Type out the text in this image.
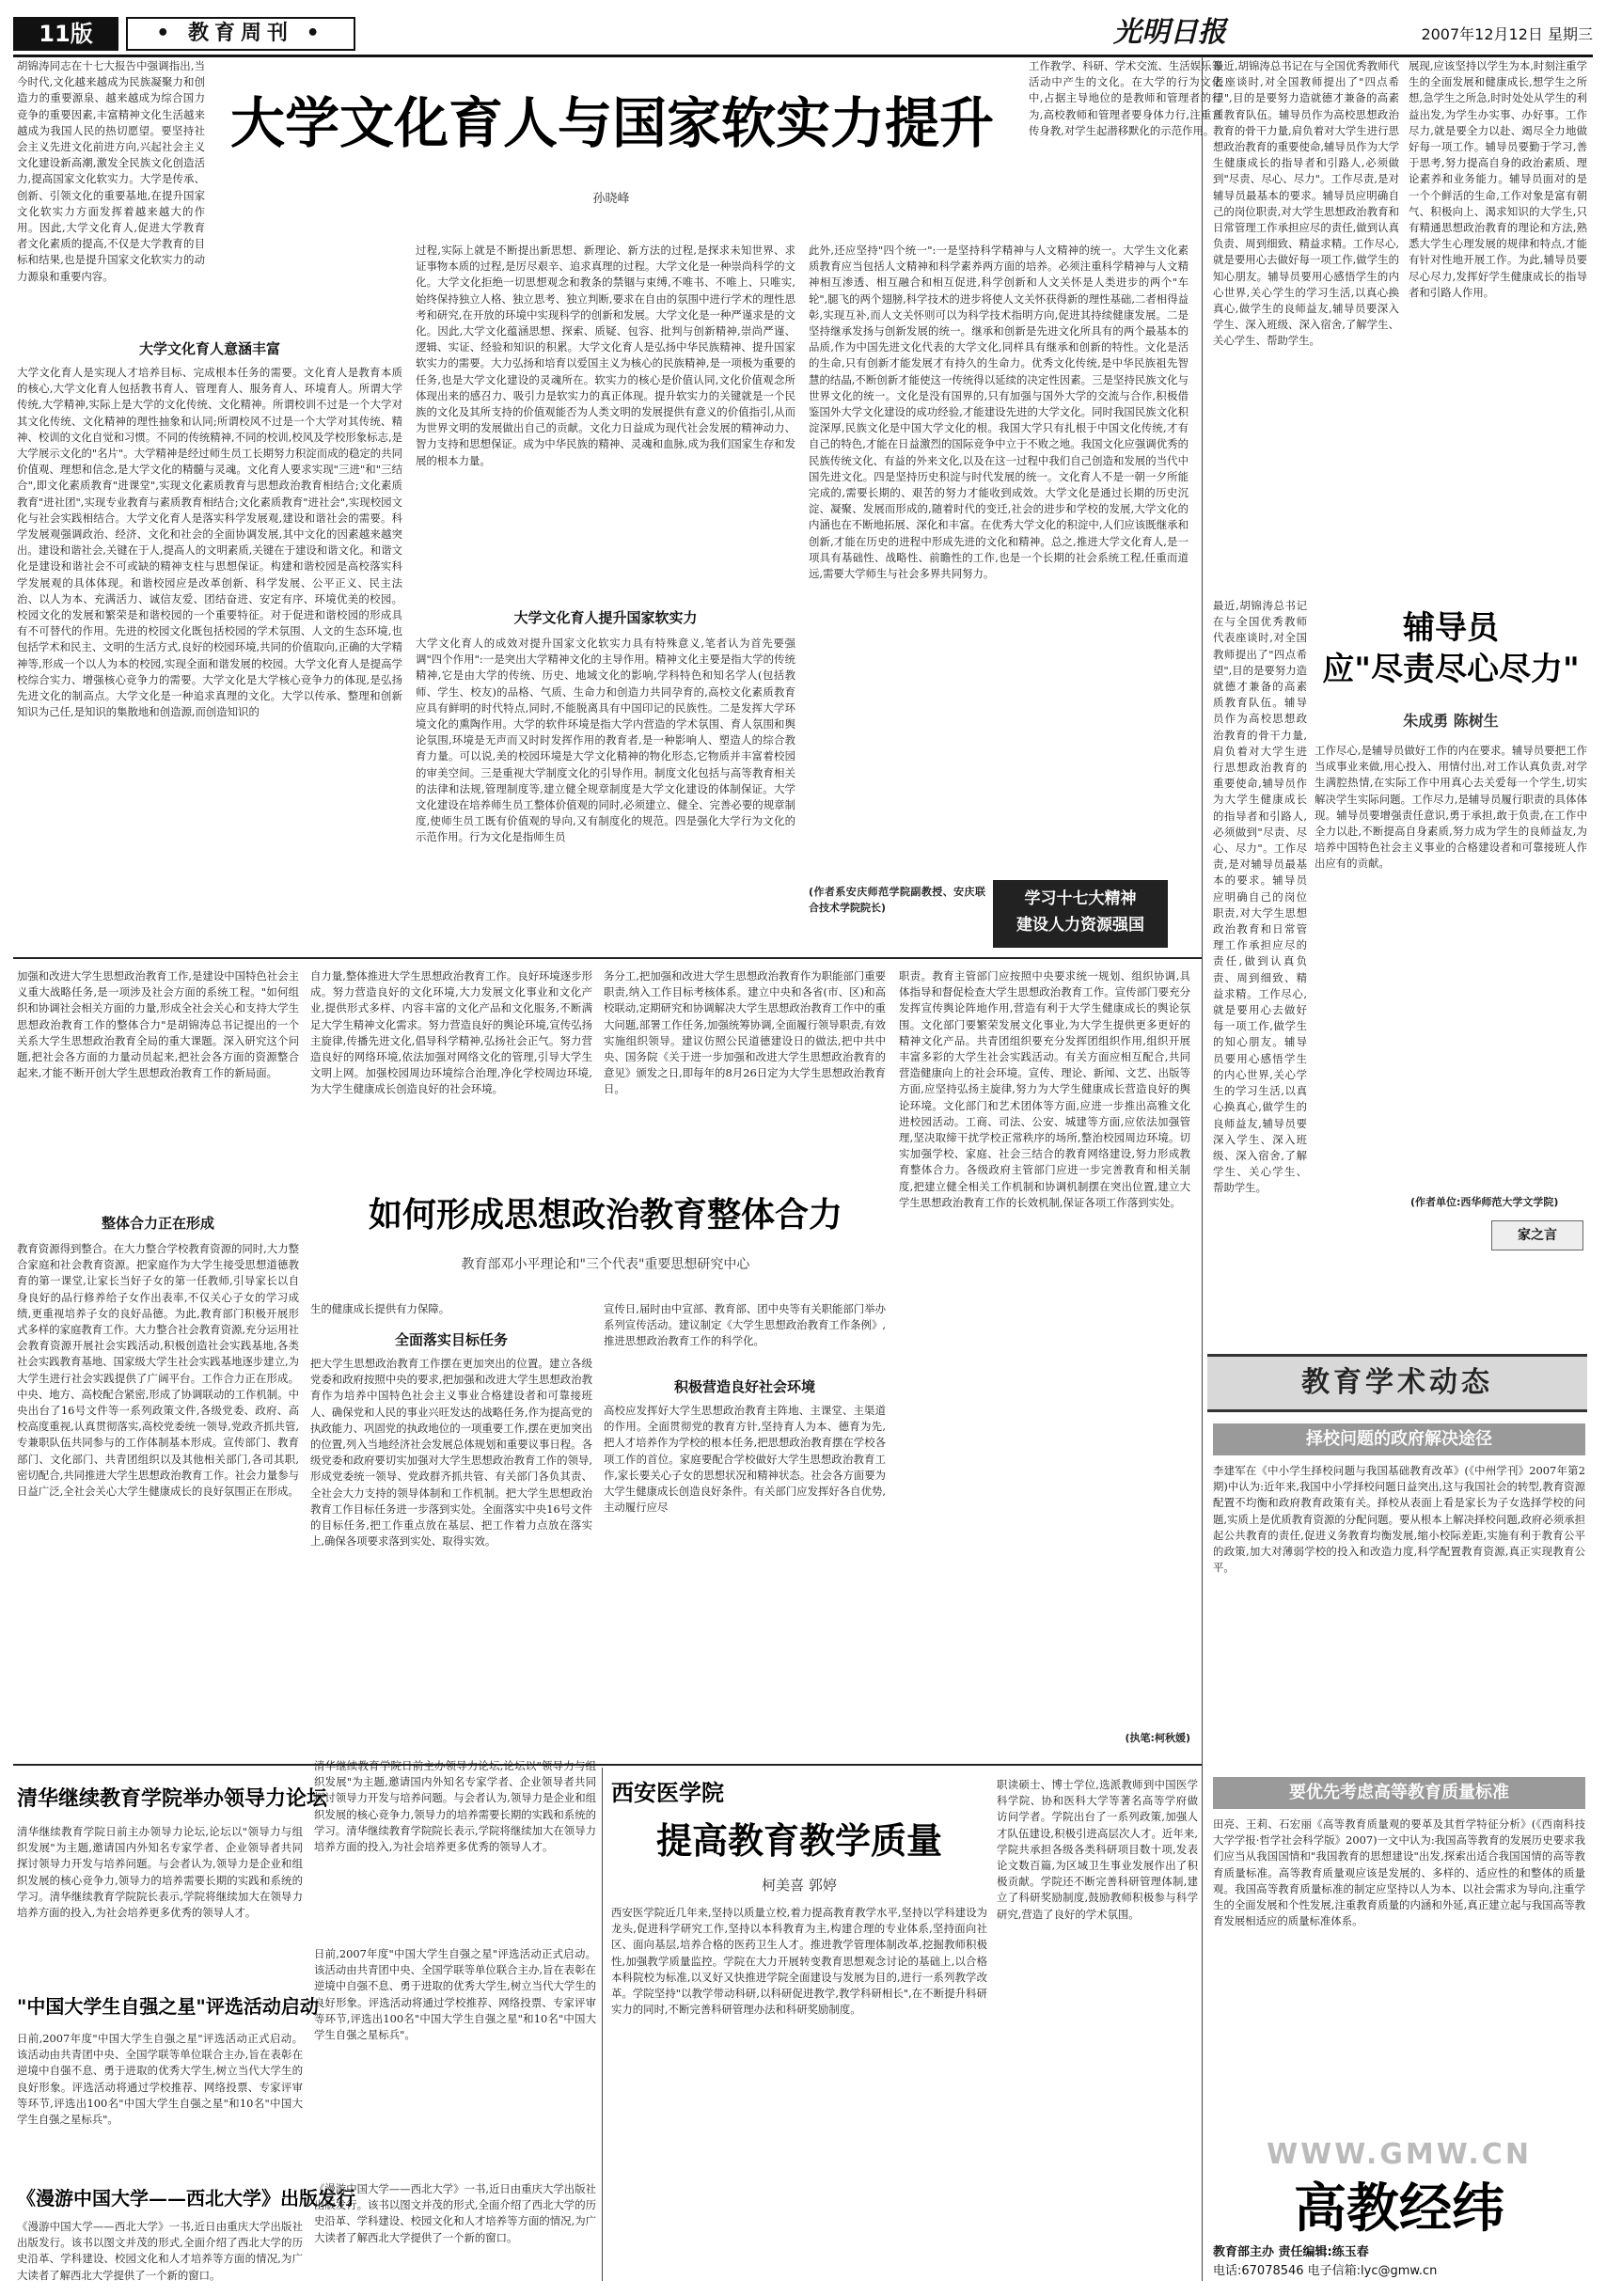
11版	• 教育周刊 •	光明日报	2007年12月12日 星期三

胡锦涛同志在十七大报告中强调指出,当今时代,文化越来越成为民族凝聚力和创造力的重要源泉、越来越成为综合国力竞争的重要因素,丰富精神文化生活越来越成为我国人民的热切愿望。要坚持社会主义先进文化前进方向,兴起社会主义文化建设新高潮,激发全民族文化创造活力,提高国家文化软实力。大学是传承、创新、引领文化的重要基地,在提升国家文化软实力方面发挥着越来越大的作用。因此,大学文化育人,促进大学教育者文化素质的提高,不仅是大学教育的目标和结果,也是提升国家文化软实力的动力源泉和重要内容。

大学文化育人与国家软实力提升
孙晓峰

工作教学、科研、学术交流、生活娱乐等活动中产生的文化。在大学的行为文化中,占据主导地位的是教师和管理者的行为,高校教师和管理者要身体力行,注重言传身教,对学生起潜移默化的示范作用。

大学文化育人意涵丰富

大学文化育人是实现人才培养目标、完成根本任务的需要。文化育人是教育本质的核心,大学文化育人包括教书育人、管理育人、服务育人、环境育人。所谓大学传统,大学精神,实际上是大学的文化传统、文化精神。所谓校训不过是一个大学对其文化传统、文化精神的理性抽象和认同;所谓校风不过是一个大学对其传统、精神、校训的文化自觉和习惯。不同的传统精神,不同的校训,校风及学校形象标志,是大学展示文化的"名片"。大学精神是经过师生员工长期努力积淀而成的稳定的共同价值观、理想和信念,是大学文化的精髓与灵魂。文化育人要求实现"三进"和"三结合",即文化素质教育"进课堂",实现文化素质教育与思想政治教育相结合;文化素质教育"进社团",实现专业教育与素质教育相结合;文化素质教育"进社会",实现校园文化与社会实践相结合。大学文化育人是落实科学发展观,建设和谐社会的需要。科学发展观强调政治、经济、文化和社会的全面协调发展,其中文化的因素越来越突出。建设和谐社会,关键在于人,提高人的文明素质,关键在于建设和谐文化。和谐文化是建设和谐社会不可或缺的精神支柱与思想保证。构建和谐校园是高校落实科学发展观的具体体现。和谐校园应是改革创新、科学发展、公平正义、民主法治、以人为本、充满活力、诚信友爱、团结奋进、安定有序、环境优美的校园。校园文化的发展和繁荣是和谐校园的一个重要特征。对于促进和谐校园的形成具有不可替代的作用。先进的校园文化既包括校园的学术氛围、人文的生态环境,也包括学术和民主、文明的生活方式,良好的校园环境,共同的价值取向,正确的大学精神等,形成一个以人为本的校园,实现全面和谐发展的校园。大学文化育人是提高学校综合实力、增强核心竞争力的需要。大学文化是大学核心竞争力的体现,是弘扬先进文化的制高点。大学文化是一种追求真理的文化。大学以传承、整理和创新知识为己任,是知识的集散地和创造源,而创造知识的

过程,实际上就是不断提出新思想、新理论、新方法的过程,是探求未知世界、求证事物本质的过程,是厉尽艰辛、追求真理的过程。大学文化是一种崇尚科学的文化。大学文化拒绝一切思想观念和教条的禁锢与束缚,不唯书、不唯上、只唯实,始终保持独立人格、独立思考、独立判断,要求在自由的氛围中进行学术的理性思考和研究,在开放的环境中实现科学的创新和发展。大学文化是一种严谨求是的文化。因此,大学文化蕴涵思想、探索、质疑、包容、批判与创新精神,崇尚严谨、逻辑、实证、经验和知识的积累。大学文化育人是弘扬中华民族精神、提升国家软实力的需要。大力弘扬和培育以爱国主义为核心的民族精神,是一项极为重要的任务,也是大学文化建设的灵魂所在。软实力的核心是价值认同,文化价值观念所体现出来的感召力、吸引力是软实力的真正体现。提升软实力的关键就是一个民族的文化及其所支持的价值观能否为人类文明的发展提供有意义的价值指引,从而为世界文明的发展做出自己的贡献。文化力日益成为现代社会发展的精神动力、智力支持和思想保证。成为中华民族的精神、灵魂和血脉,成为我们国家生存和发展的根本力量。

大学文化育人提升国家软实力

大学文化育人的成效对提升国家文化软实力具有特殊意义,笔者认为首先要强调"四个作用":一是突出大学精神文化的主导作用。精神文化主要是指大学的传统精神,它是由大学的传统、历史、地域文化的影响,学科特色和知名学人(包括教师、学生、校友)的品格、气质、生命力和创造力共同孕育的,高校文化素质教育应具有鲜明的时代特点,同时,不能脱离具有中国印记的民族性。二是发挥大学环境文化的熏陶作用。大学的软件环境是指大学内营造的学术氛围、育人氛围和舆论氛围,环境是无声而又时时发挥作用的教育者,是一种影响人、塑造人的综合教育力量。可以说,美的校园环境是大学文化精神的物化形态,它物质并丰富着校园的审美空间。三是重视大学制度文化的引导作用。制度文化包括与高等教育相关的法律和法规,管理制度等,建立健全规章制度是大学文化建设的体制保证。大学文化建设在培养师生员工整体价值观的同时,必须建立、健全、完善必要的规章制度,使师生员工既有价值观的导向,又有制度化的规范。四是强化大学行为文化的示范作用。行为文化是指师生员

此外,还应坚持"四个统一":一是坚持科学精神与人文精神的统一。大学生文化素质教育应当包括人文精神和科学素养两方面的培养。必须注重科学精神与人文精神相互渗透、相互融合和相互促进,科学创新和人文关怀是人类进步的两个"车轮",腿飞的两个翅膀,科学技术的进步将使人文关怀获得新的理性基础,二者相得益彰,实现互补,而人文关怀则可以为科学技术指明方向,促进其持续健康发展。二是坚持继承发扬与创新发展的统一。继承和创新是先进文化所具有的两个最基本的品质,作为中国先进文化代表的大学文化,同样具有继承和创新的特性。文化是活的生命,只有创新才能发展才有持久的生命力。优秀文化传统,是中华民族祖先智慧的结晶,不断创新才能使这一传统得以延续的决定性因素。三是坚持民族文化与世界文化的统一。文化是没有国界的,只有加强与国外大学的交流与合作,积极借鉴国外大学文化建设的成功经验,才能建设先进的大学文化。同时我国民族文化积淀深厚,民族文化是中国大学文化的根。我国大学只有扎根于中国文化传统,才有自己的特色,才能在日益激烈的国际竞争中立于不败之地。我国文化应强调优秀的民族传统文化、有益的外来文化,以及在这一过程中我们自己创造和发展的当代中国先进文化。四是坚持历史积淀与时代发展的统一。文化育人不是一朝一夕所能完成的,需要长期的、艰苦的努力才能收到成效。大学文化是通过长期的历史沉淀、凝聚、发展而形成的,随着时代的变迁,社会的进步和学校的发展,大学文化的内涵也在不断地拓展、深化和丰富。在优秀大学文化的积淀中,人们应该既继承和创新,才能在历史的进程中形成先进的文化和精神。总之,推进大学文化育人,是一项具有基础性、战略性、前瞻性的工作,也是一个长期的社会系统工程,任重而道远,需要大学师生与社会多界共同努力。

(作者系安庆师范学院副教授、安庆联合技术学院院长)	学习十七大精神
建设人力资源强国

最近,胡锦涛总书记在与全国优秀教师代表座谈时,对全国教师提出了"四点希望",目的是要努力造就德才兼备的高素质教育队伍。辅导员作为高校思想政治教育的骨干力量,肩负着对大学生进行思想政治教育的重要使命,辅导员作为大学生健康成长的指导者和引路人,必须做到"尽责、尽心、尽力"。工作尽责,是对辅导员最基本的要求。辅导员应明确自己的岗位职责,对大学生思想政治教育和日常管理工作承担应尽的责任,做到认真负责、周到细致、精益求精。工作尽心,就是要用心去做好每一项工作,做学生的知心朋友。辅导员要用心感悟学生的内心世界,关心学生的学习生活,以真心换真心,做学生的良师益友,辅导员要深入学生、深入班级、深入宿舍,了解学生、关心学生、帮助学生。

展现,应该坚持以学生为本,时刻注重学生的全面发展和健康成长,想学生之所想,急学生之所急,时时处处从学生的利益出发,为学生办实事、办好事。工作尽力,就是要全力以赴、竭尽全力地做好每一项工作。辅导员要勤于学习,善于思考,努力提高自身的政治素质、理论素养和业务能力。辅导员面对的是一个个鲜活的生命,工作对象是富有朝气、积极向上、渴求知识的大学生,只有精通思想政治教育的理论和方法,熟悉大学生心理发展的规律和特点,才能有针对性地开展工作。为此,辅导员要尽心尽力,发挥好学生健康成长的指导者和引路人作用。

辅导员
应"尽责尽心尽力"
朱成勇 陈树生

最近,胡锦涛总书记在与全国优秀教师代表座谈时,对全国教师提出了"四点希望",目的是要努力造就德才兼备的高素质教育队伍。辅导员作为高校思想政治教育的骨干力量,肩负着对大学生进行思想政治教育的重要使命,辅导员作为大学生健康成长的指导者和引路人,必须做到"尽责、尽心、尽力"。工作尽责,是对辅导员最基本的要求。辅导员应明确自己的岗位职责,对大学生思想政治教育和日常管理工作承担应尽的责任,做到认真负责、周到细致、精益求精。工作尽心,就是要用心去做好每一项工作,做学生的知心朋友。辅导员要用心感悟学生的内心世界,关心学生的学习生活,以真心换真心,做学生的良师益友,辅导员要深入学生、深入班级、深入宿舍,了解学生、关心学生、帮助学生。

工作尽心,是辅导员做好工作的内在要求。辅导员要把工作当成事业来做,用心投入、用情付出,对工作认真负责,对学生满腔热情,在实际工作中用真心去关爱每一个学生,切实解决学生实际问题。工作尽力,是辅导员履行职责的具体体现。辅导员要增强责任意识,勇于承担,敢于负责,在工作中全力以赴,不断提高自身素质,努力成为学生的良师益友,为培养中国特色社会主义事业的合格建设者和可靠接班人作出应有的贡献。

(作者单位:西华师范大学文学院)

家之言

加强和改进大学生思想政治教育工作,是建设中国特色社会主义重大战略任务,是一项涉及社会方面的系统工程。"如何组织和协调社会相关方面的力量,形成全社会关心和支持大学生思想政治教育工作的整体合力"是胡锦涛总书记提出的一个关系大学生思想政治教育全局的重大课题。深入研究这个问题,把社会各方面的力量动员起来,把社会各方面的资源整合起来,才能不断开创大学生思想政治教育工作的新局面。

整体合力正在形成

教育资源得到整合。在大力整合学校教育资源的同时,大力整合家庭和社会教育资源。把家庭作为大学生接受思想道德教育的第一课堂,让家长当好子女的第一任教师,引导家长以自身良好的品行修养给子女作出表率,不仅关心子女的学习成绩,更重视培养子女的良好品德。为此,教育部门积极开展形式多样的家庭教育工作。大力整合社会教育资源,充分运用社会教育资源开展社会实践活动,积极创造社会实践基地,各类社会实践教育基地、国家级大学生社会实践基地逐步建立,为大学生进行社会实践提供了广阔平台。工作合力正在形成。中央、地方、高校配合紧密,形成了协调联动的工作机制。中央出台了16号文件等一系列政策文件,各级党委、政府、高校高度重视,认真贯彻落实,高校党委统一领导,党政齐抓共管,专兼职队伍共同参与的工作体制基本形成。宣传部门、教育部门、文化部门、共青团组织以及其他相关部门,各司其职,密切配合,共同推进大学生思想政治教育工作。社会力量参与日益广泛,全社会关心大学生健康成长的良好氛围正在形成。

自力量,整体推进大学生思想政治教育工作。良好环境逐步形成。努力营造良好的文化环境,大力发展文化事业和文化产业,提供形式多样、内容丰富的文化产品和文化服务,不断满足大学生精神文化需求。努力营造良好的舆论环境,宣传弘扬主旋律,传播先进文化,倡导科学精神,弘扬社会正气。努力营造良好的网络环境,依法加强对网络文化的管理,引导大学生文明上网。加强校园周边环境综合治理,净化学校周边环境,为大学生健康成长创造良好的社会环境。

如何形成思想政治教育整体合力
教育部邓小平理论和"三个代表"重要思想研究中心

生的健康成长提供有力保障。

全面落实目标任务

把大学生思想政治教育工作摆在更加突出的位置。建立各级党委和政府按照中央的要求,把加强和改进大学生思想政治教育作为培养中国特色社会主义事业合格建设者和可靠接班人、确保党和人民的事业兴旺发达的战略任务,作为提高党的执政能力、巩固党的执政地位的一项重要工作,摆在更加突出的位置,列入当地经济社会发展总体规划和重要议事日程。各级党委和政府要切实加强对大学生思想政治教育工作的领导,形成党委统一领导、党政群齐抓共管、有关部门各负其责、全社会大力支持的领导体制和工作机制。把大学生思想政治教育工作目标任务进一步落到实处。全面落实中央16号文件的目标任务,把工作重点放在基层、把工作着力点放在落实上,确保各项要求落到实处、取得实效。

务分工,把加强和改进大学生思想政治教育作为职能部门重要职责,纳入工作目标考核体系。建立中央和各省(市、区)和高校联动,定期研究和协调解决大学生思想政治教育工作中的重大问题,部署工作任务,加强统筹协调,全面履行领导职责,有效实施组织领导。建议仿照公民道德建设日的做法,把中共中央、国务院《关于进一步加强和改进大学生思想政治教育的意见》颁发之日,即每年的8月26日定为大学生思想政治教育日。

宣传日,届时由中宣部、教育部、团中央等有关职能部门举办系列宣传活动。建议制定《大学生思想政治教育工作条例》,推进思想政治教育工作的科学化。

积极营造良好社会环境

高校应发挥好大学生思想政治教育主阵地、主课堂、主渠道的作用。全面贯彻党的教育方针,坚持育人为本、德育为先,把人才培养作为学校的根本任务,把思想政治教育摆在学校各项工作的首位。家庭要配合学校做好大学生思想政治教育工作,家长要关心子女的思想状况和精神状态。社会各方面要为大学生健康成长创造良好条件。有关部门应发挥好各自优势,主动履行应尽

职责。教育主管部门应按照中央要求统一规划、组织协调,具体指导和督促检查大学生思想政治教育工作。宣传部门要充分发挥宣传舆论阵地作用,营造有利于大学生健康成长的舆论氛围。文化部门要繁荣发展文化事业,为大学生提供更多更好的精神文化产品。共青团组织要充分发挥团组织作用,组织开展丰富多彩的大学生社会实践活动。有关方面应相互配合,共同营造健康向上的社会环境。宣传、理论、新闻、文艺、出版等方面,应坚持弘扬主旋律,努力为大学生健康成长营造良好的舆论环境。文化部门和艺术团体等方面,应进一步推出高雅文化进校园活动。工商、司法、公安、城建等方面,应依法加强管理,坚决取缔干扰学校正常秩序的场所,整治校园周边环境。切实加强学校、家庭、社会三结合的教育网络建设,努力形成教育整体合力。各级政府主管部门应进一步完善教育和相关制度,把建立健全相关工作机制和协调机制摆在突出位置,建立大学生思想政治教育工作的长效机制,保证各项工作落到实处。

(执笔:柯秋媛)
教育学术动态
择校问题的政府解决途径

李建军在《中小学生择校问题与我国基础教育改革》(《中州学刊》2007年第2期)中认为:近年来,我国中小学择校问题日益突出,这与我国社会的转型,教育资源配置不均衡和政府教育政策有关。择校从表面上看是家长为子女选择学校的问题,实质上是优质教育资源的分配问题。要从根本上解决择校问题,政府必须承担起公共教育的责任,促进义务教育均衡发展,缩小校际差距,实施有利于教育公平的政策,加大对薄弱学校的投入和改造力度,科学配置教育资源,真正实现教育公平。

要优先考虑高等教育质量标准

田亮、王莉、石宏丽《高等教育质量观的要革及其哲学特征分析》(《西南科技大学学报·哲学社会科学版》2007)一文中认为:我国高等教育的发展历史要求我们应当从我国国情和"我国教育的思想建设"出发,探索出适合我国国情的高等教育质量标准。高等教育质量观应该是发展的、多样的、适应性的和整体的质量观。我国高等教育质量标准的制定应坚持以人为本、以社会需求为导向,注重学生的全面发展和个性发展,注重教育质量的内涵和外延,真正建立起与我国高等教育发展相适应的质量标准体系。

清华继续教育学院举办领导力论坛

清华继续教育学院日前主办领导力论坛,论坛以"领导力与组织发展"为主题,邀请国内外知名专家学者、企业领导者共同探讨领导力开发与培养问题。与会者认为,领导力是企业和组织发展的核心竞争力,领导力的培养需要长期的实践和系统的学习。清华继续教育学院院长表示,学院将继续加大在领导力培养方面的投入,为社会培养更多优秀的领导人才。

清华继续教育学院日前主办领导力论坛,论坛以"领导力与组织发展"为主题,邀请国内外知名专家学者、企业领导者共同探讨领导力开发与培养问题。与会者认为,领导力是企业和组织发展的核心竞争力,领导力的培养需要长期的实践和系统的学习。清华继续教育学院院长表示,学院将继续加大在领导力培养方面的投入,为社会培养更多优秀的领导人才。

"中国大学生自强之星"评选活动启动

日前,2007年度"中国大学生自强之星"评选活动正式启动。该活动由共青团中央、全国学联等单位联合主办,旨在表彰在逆境中自强不息、勇于进取的优秀大学生,树立当代大学生的良好形象。评选活动将通过学校推荐、网络投票、专家评审等环节,评选出100名"中国大学生自强之星"和10名"中国大学生自强之星标兵"。

日前,2007年度"中国大学生自强之星"评选活动正式启动。该活动由共青团中央、全国学联等单位联合主办,旨在表彰在逆境中自强不息、勇于进取的优秀大学生,树立当代大学生的良好形象。评选活动将通过学校推荐、网络投票、专家评审等环节,评选出100名"中国大学生自强之星"和10名"中国大学生自强之星标兵"。

《漫游中国大学——西北大学》出版发行

《漫游中国大学——西北大学》一书,近日由重庆大学出版社出版发行。该书以图文并茂的形式,全面介绍了西北大学的历史沿革、学科建设、校园文化和人才培养等方面的情况,为广大读者了解西北大学提供了一个新的窗口。

《漫游中国大学——西北大学》一书,近日由重庆大学出版社出版发行。该书以图文并茂的形式,全面介绍了西北大学的历史沿革、学科建设、校园文化和人才培养等方面的情况,为广大读者了解西北大学提供了一个新的窗口。

西安医学院
提高教育教学质量
柯美喜 郭婷

西安医学院近几年来,坚持以质量立校,着力提高教育教学水平,坚持以学科建设为龙头,促进科学研究工作,坚持以本科教育为主,构建合理的专业体系,坚持面向社区、面向基层,培养合格的医药卫生人才。推进教学管理体制改革,挖掘教师积极性,加强教学质量监控。学院在大力开展转变教育思想观念讨论的基础上,以合格本科院校为标准,以叉好又快推进学院全面建设与发展为目的,进行一系列教学改革。学院坚持"以教学带动科研,以科研促进教学,教学科研相长",在不断提升科研实力的同时,不断完善科研管理办法和科研奖励制度。

职读硕士、博士学位,选派教师到中国医学科学院、协和医科大学等著名高等学府做访问学者。学院出台了一系列政策,加强人才队伍建设,积极引进高层次人才。近年来,学院共承担各级各类科研项目数十项,发表论文数百篇,为区域卫生事业发展作出了积极贡献。学院还不断完善科研管理体制,建立了科研奖励制度,鼓励教师积极参与科学研究,营造了良好的学术氛围。

WWW.GMW.CN
高教经纬
教育部主办 责任编辑:练玉春
电话:67078546 电子信箱:lyc@gmw.cn
